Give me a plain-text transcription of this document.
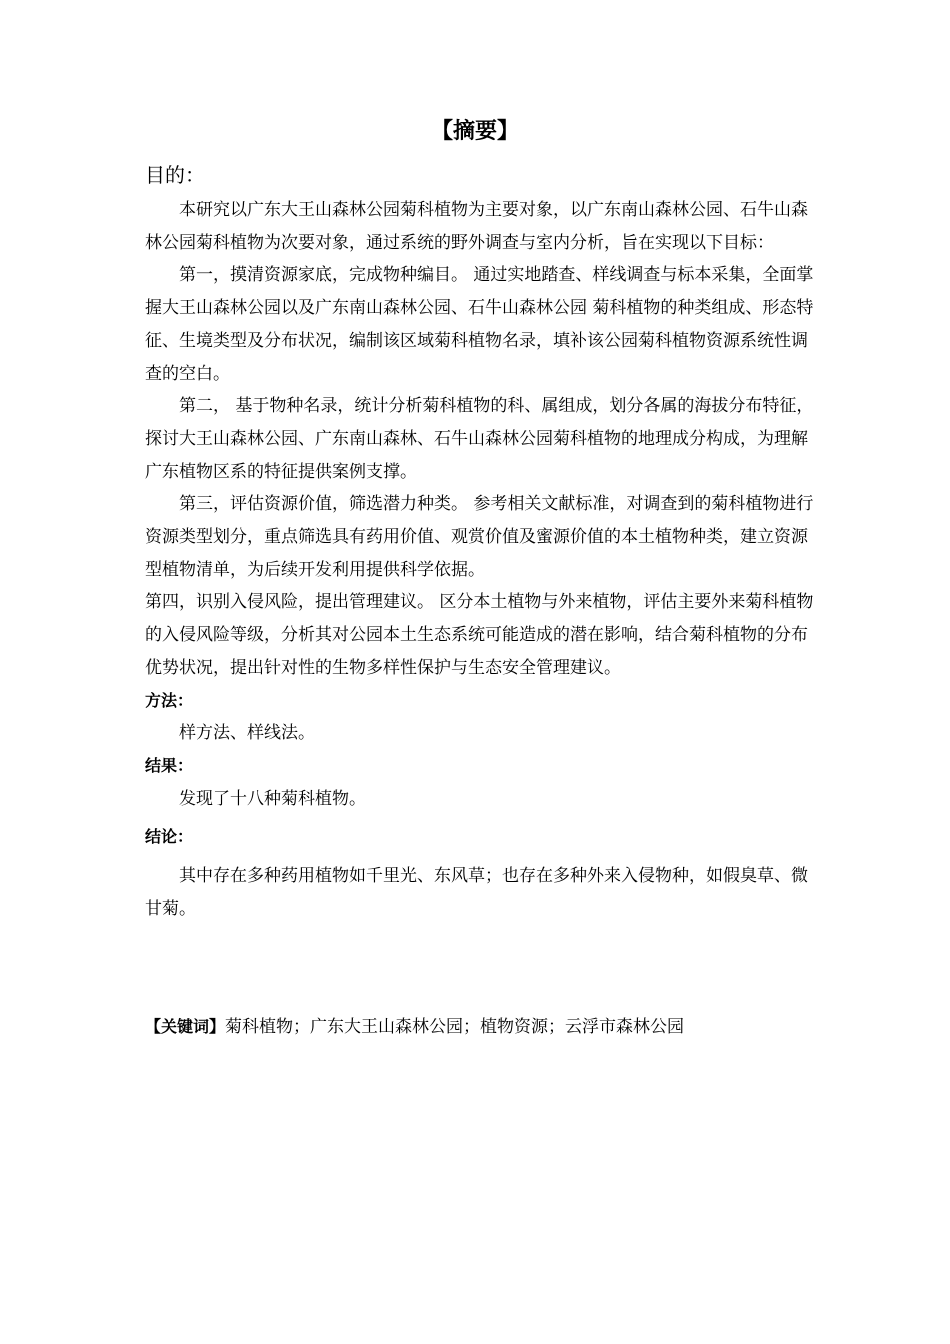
【摘要】

目的：

本研究以广东大王山森林公园菊科植物为主要对象，以广东南山森林公园、石牛山森林公园菊科植物为次要对象，通过系统的野外调查与室内分析，旨在实现以下目标：

第一，摸清资源家底，完成物种编目。 通过实地踏查、样线调查与标本采集，全面掌握大王山森林公园以及广东南山森林公园、石牛山森林公园 菊科植物的种类组成、形态特征、生境类型及分布状况，编制该区域菊科植物名录，填补该公园菊科植物资源系统性调查的空白。

第二， 基于物种名录，统计分析菊科植物的科、属组成，划分各属的海拔分布特征，探讨大王山森林公园、广东南山森林、石牛山森林公园菊科植物的地理成分构成，为理解广东植物区系的特征提供案例支撑。

第三，评估资源价值，筛选潜力种类。 参考相关文献标准，对调查到的菊科植物进行资源类型划分，重点筛选具有药用价值、观赏价值及蜜源价值的本土植物种类，建立资源型植物清单，为后续开发利用提供科学依据。

第四，识别入侵风险，提出管理建议。 区分本土植物与外来植物，评估主要外来菊科植物的入侵风险等级，分析其对公园本土生态系统可能造成的潜在影响，结合菊科植物的分布优势状况，提出针对性的生物多样性保护与生态安全管理建议。

方法：

样方法、样线法。

结果：

发现了十八种菊科植物。

结论：

其中存在多种药用植物如千里光、东风草；也存在多种外来入侵物种，如假臭草、微甘菊。

【关键词】菊科植物；广东大王山森林公园；植物资源；云浮市森林公园
